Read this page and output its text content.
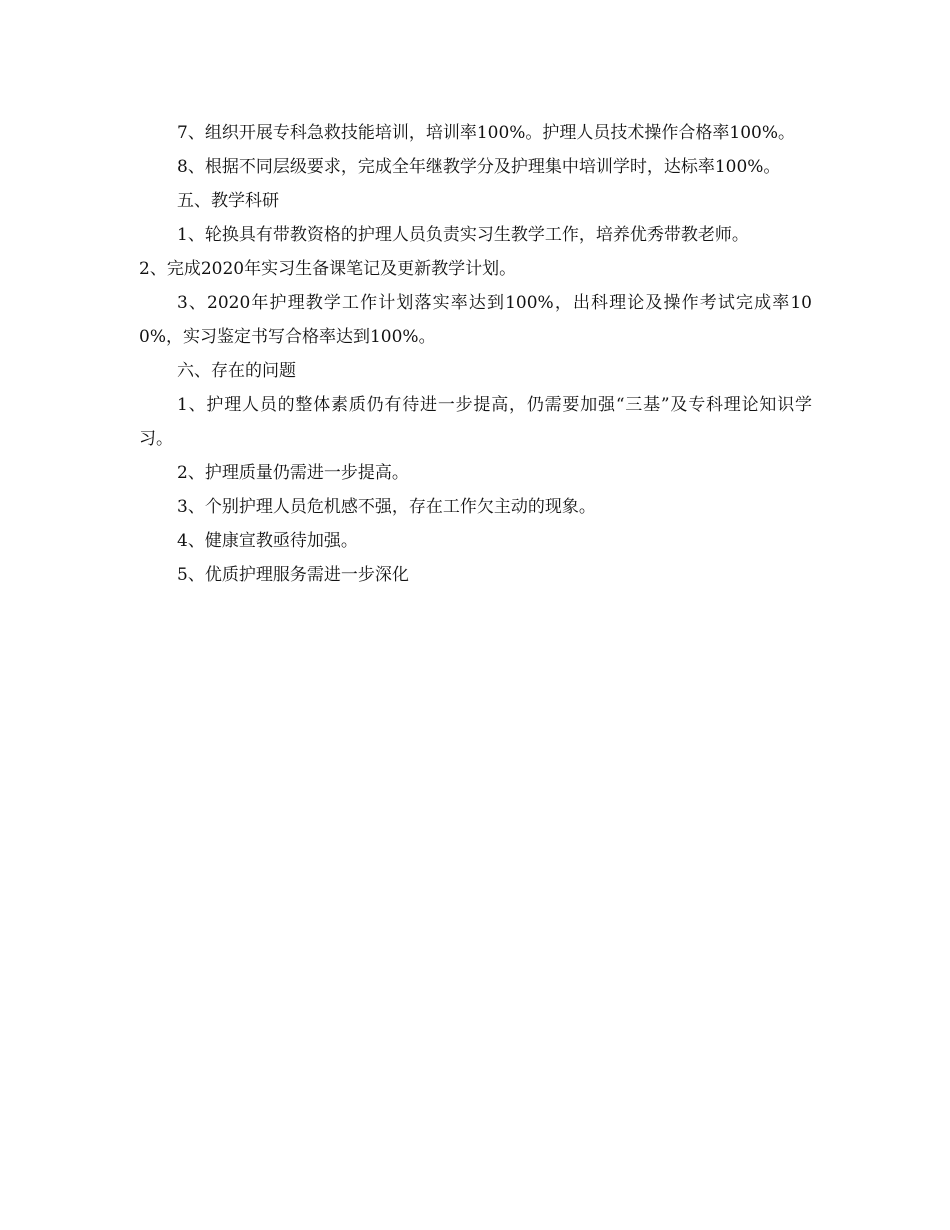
7、组织开展专科急救技能培训，培训率100%。护理人员技术操作合格率100%。

8、根据不同层级要求，完成全年继教学分及护理集中培训学时，达标率100%。

五、教学科研

1、轮换具有带教资格的护理人员负责实习生教学工作，培养优秀带教老师。

2、完成2020年实习生备课笔记及更新教学计划。

3、2020年护理教学工作计划落实率达到100%，出科理论及操作考试完成率100%，实习鉴定书写合格率达到100%。

六、存在的问题

1、护理人员的整体素质仍有待进一步提高，仍需要加强“三基”及专科理论知识学习。

2、护理质量仍需进一步提高。

3、个别护理人员危机感不强，存在工作欠主动的现象。

4、健康宣教亟待加强。

5、优质护理服务需进一步深化
